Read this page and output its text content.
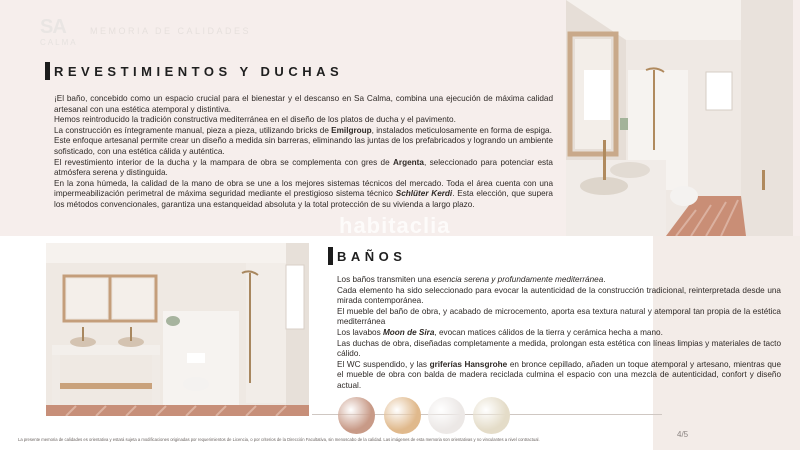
SA
CALMA
MEMORIA DE CALIDADES
REVESTIMIENTOS Y DUCHAS

¡El baño, concebido como un espacio crucial para el bienestar y el descanso en Sa Calma, combina una ejecución de máxima calidad artesanal con una estética atemporal y distintiva.

Hemos reintroducido la tradición constructiva mediterránea en el diseño de los platos de ducha y el pavimento.

La construcción es íntegramente manual, pieza a pieza, utilizando bricks de Emilgroup, instalados meticulosamente en forma de espiga.

Este enfoque artesanal permite crear un diseño a medida sin barreras, eliminando las juntas de los prefabricados y logrando un ambiente sofisticado, con una estética cálida y auténtica.

El revestimiento interior de la ducha y la mampara de obra se complementa con gres de Argenta, seleccionado para potenciar esta atmósfera serena y distinguida.

En la zona húmeda, la calidad de la mano de obra se une a los mejores sistemas técnicos del mercado. Toda el área cuenta con una impermeabilización perimetral de máxima seguridad mediante el prestigioso sistema técnico Schlüter Kerdi. Esta elección, que supera los métodos convencionales, garantiza una estanqueidad absoluta y la total protección de su vivienda a largo plazo.

habitaclia
BAÑOS

Los baños transmiten una esencia serena y profundamente mediterránea.

Cada elemento ha sido seleccionado para evocar la autenticidad de la construcción tradicional, reinterpretada desde una mirada contemporánea.

El mueble del baño de obra, y acabado de microcemento, aporta esa textura natural y atemporal tan propia de la estética mediterránea

Los lavabos Moon de Sira, evocan matices cálidos de la tierra y cerámica hecha a mano.

Las duchas de obra, diseñadas completamente a medida, prolongan esta estética con líneas limpias y materiales de tacto cálido.

El WC suspendido, y las griferías Hansgrohe en bronce cepillado, añaden un toque atemporal y artesano, mientras que el mueble de obra con balda de madera reciclada culmina el espacio con una mezcla de autenticidad, confort y diseño actual.

La presente memoria de calidades es orientativa y estará sujeta a modificaciones originadas por requerimientos de Licencia, o por criterios de la Dirección Facultativa, sin menoscabo de la calidad. Las imágenes de esta memoria son orientativas y no vinculantes a nivel contractual.
4/5
